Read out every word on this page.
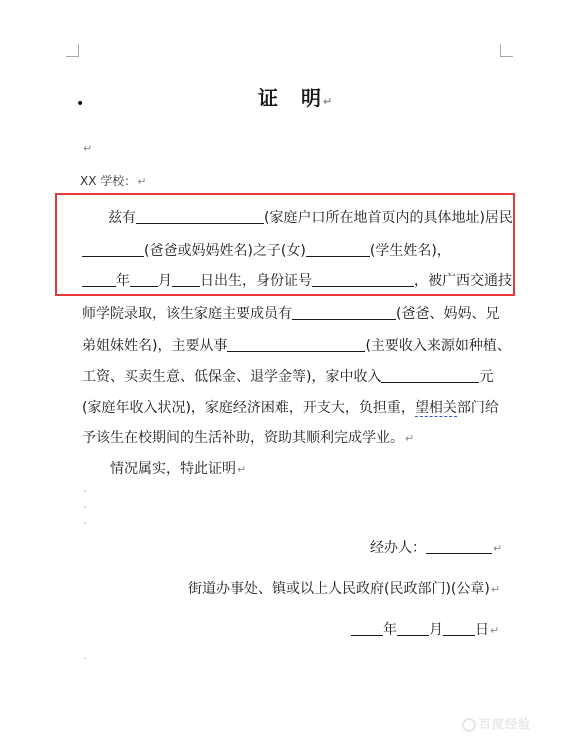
•	证 明↵
↵
XX 学校：↵
兹有	(家庭户口所在地首页内的具体地址)居民
(爸爸或妈妈姓名)之子(女)	(学生姓名)，
年 月 日出生，身份证号	，被广西交通技
师学院录取，该生家庭主要成员有	(爸爸、妈妈、兄
弟姐妹姓名)，主要从事	(主要收入来源如种植、
工资、买卖生意、低保金、退学金等)，家中收入	元
(家庭年收入状况)，家庭经济困难，开支大，负担重，望相关部门给
予该生在校期间的生活补助，资助其顺利完成学业。↵
情况属实，特此证明↵
'
'
'
经办人：	↵
街道办事处、镇或以上人民政府(民政部门)(公章)↵
年 月 日↵
'
百度经验
